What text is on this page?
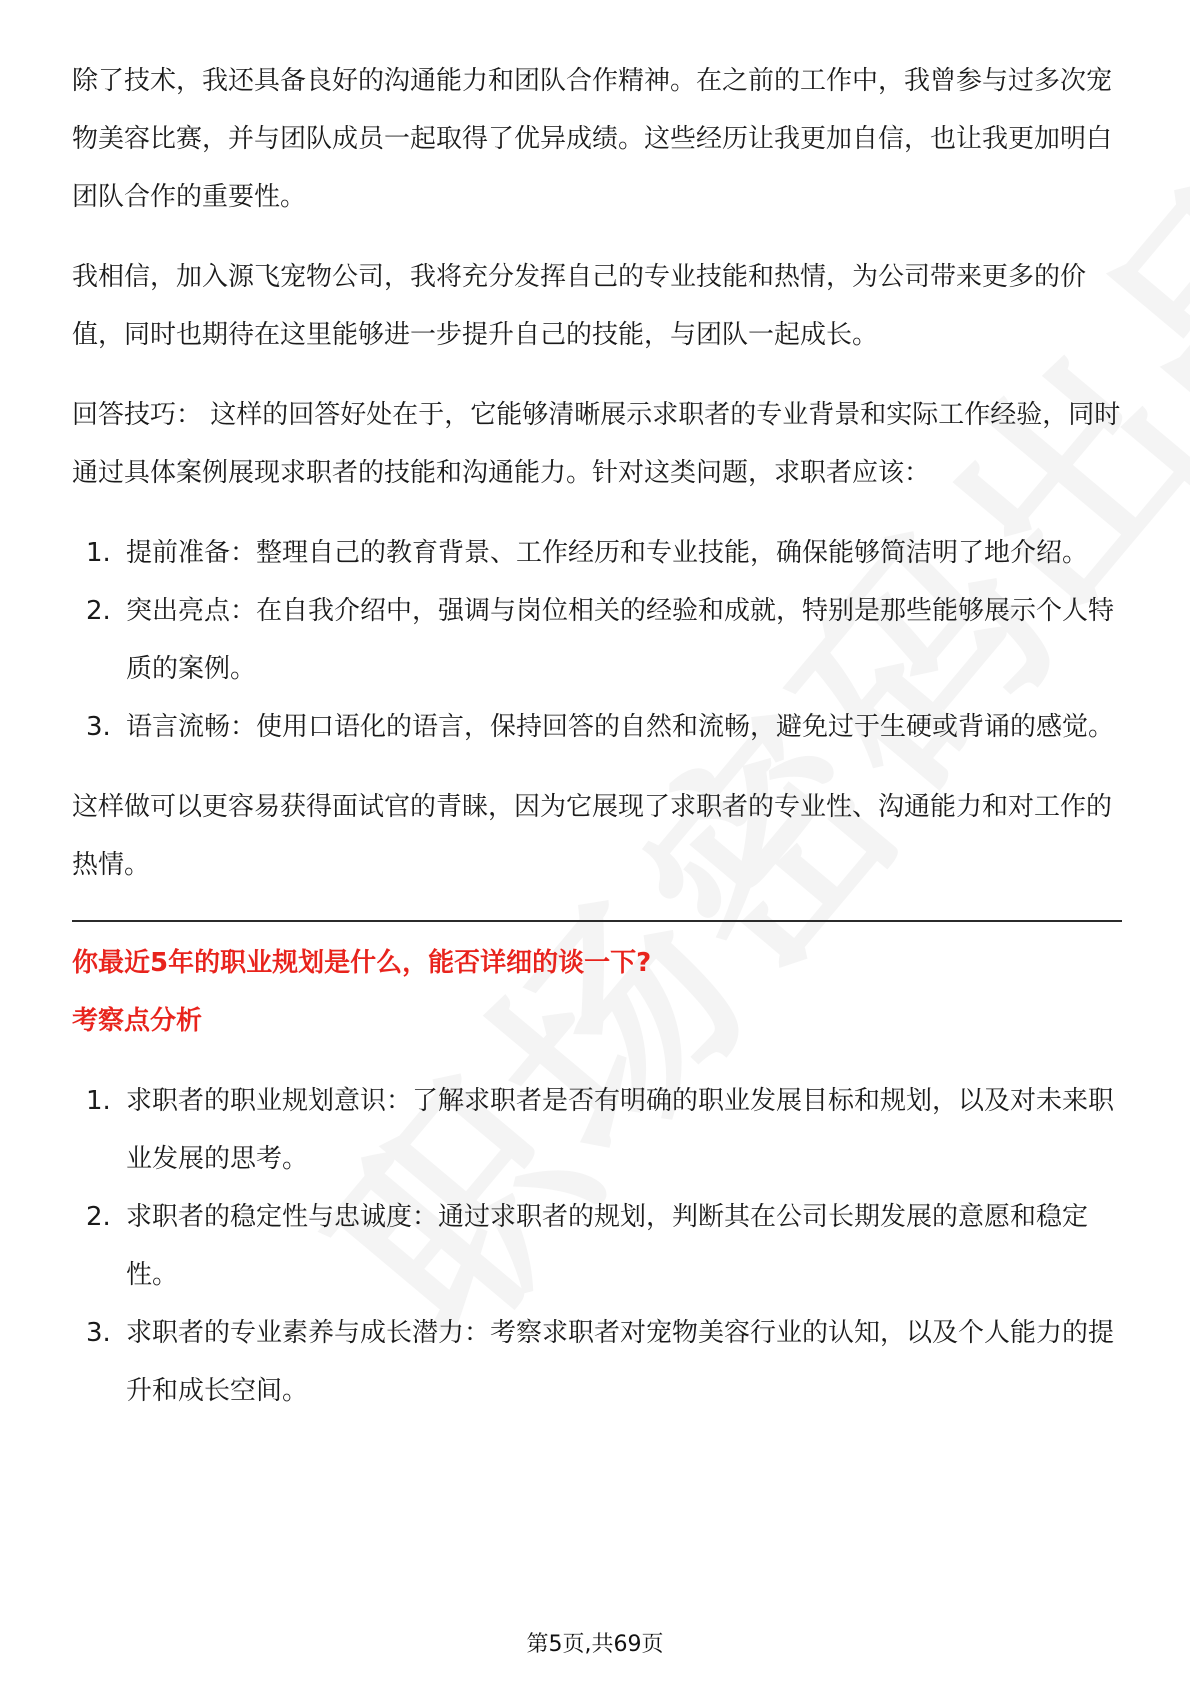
除了技术，我还具备良好的沟通能力和团队合作精神。在之前的工作中，我曾参与过多次宠物美容比赛，并与团队成员一起取得了优异成绩。这些经历让我更加自信，也让我更加明白团队合作的重要性。

我相信，加入源飞宠物公司，我将充分发挥自己的专业技能和热情，为公司带来更多的价值，同时也期待在这里能够进一步提升自己的技能，与团队一起成长。

回答技巧： 这样的回答好处在于，它能够清晰展示求职者的专业背景和实际工作经验，同时通过具体案例展现求职者的技能和沟通能力。针对这类问题，求职者应该：

1. 提前准备：整理自己的教育背景、工作经历和专业技能，确保能够简洁明了地介绍。
2. 突出亮点：在自我介绍中，强调与岗位相关的经验和成就，特别是那些能够展示个人特质的案例。
3. 语言流畅：使用口语化的语言，保持回答的自然和流畅，避免过于生硬或背诵的感觉。

这样做可以更容易获得面试官的青睐，因为它展现了求职者的专业性、沟通能力和对工作的热情。

你最近5年的职业规划是什么，能否详细的谈一下?

考察点分析

1. 求职者的职业规划意识：了解求职者是否有明确的职业发展目标和规划，以及对未来职业发展的思考。
2. 求职者的稳定性与忠诚度：通过求职者的规划，判断其在公司长期发展的意愿和稳定性。
3. 求职者的专业素养与成长潜力：考察求职者对宠物美容行业的认知，以及个人能力的提升和成长空间。
第5页,共69页
